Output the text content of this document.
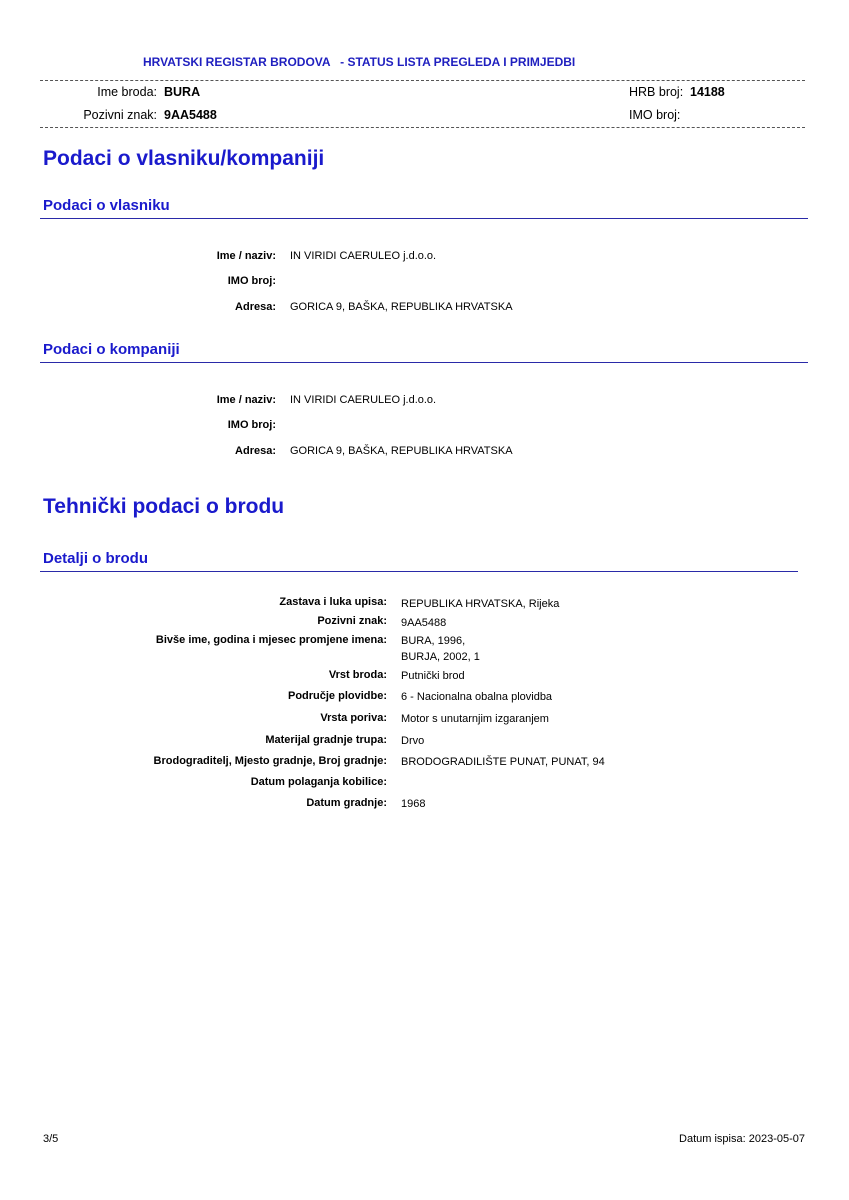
HRVATSKI REGISTAR BRODOVA   - STATUS LISTA PREGLEDA I PRIMJEDBI
Ime broda: BURA
Pozivni znak: 9AA5488
HRB broj: 14188
IMO broj:
Podaci o vlasniku/kompaniji
Podaci o vlasniku
Ime / naziv: IN VIRIDI CAERULEO j.d.o.o.
IMO broj:
Adresa: GORICA 9, BAŠKA, REPUBLIKA HRVATSKA
Podaci o kompaniji
Ime / naziv: IN VIRIDI CAERULEO j.d.o.o.
IMO broj:
Adresa: GORICA 9, BAŠKA, REPUBLIKA HRVATSKA
Tehnički podaci o brodu
Detalji o brodu
Zastava i luka upisa: REPUBLIKA HRVATSKA, Rijeka
Pozivni znak: 9AA5488
Bivše ime, godina i mjesec promjene imena: BURA, 1996,
BURJA, 2002, 1
Vrst broda: Putnički brod
Područje plovidbe: 6 - Nacionalna obalna plovidba
Vrsta poriva: Motor s unutarnjim izgaranjem
Materijal gradnje trupa: Drvo
Brodograditelj, Mjesto gradnje, Broj gradnje: BRODOGRADILIŠTE PUNAT, PUNAT, 94
Datum polaganja kobilice:
Datum gradnje: 1968
3/5	Datum ispisa: 2023-05-07
